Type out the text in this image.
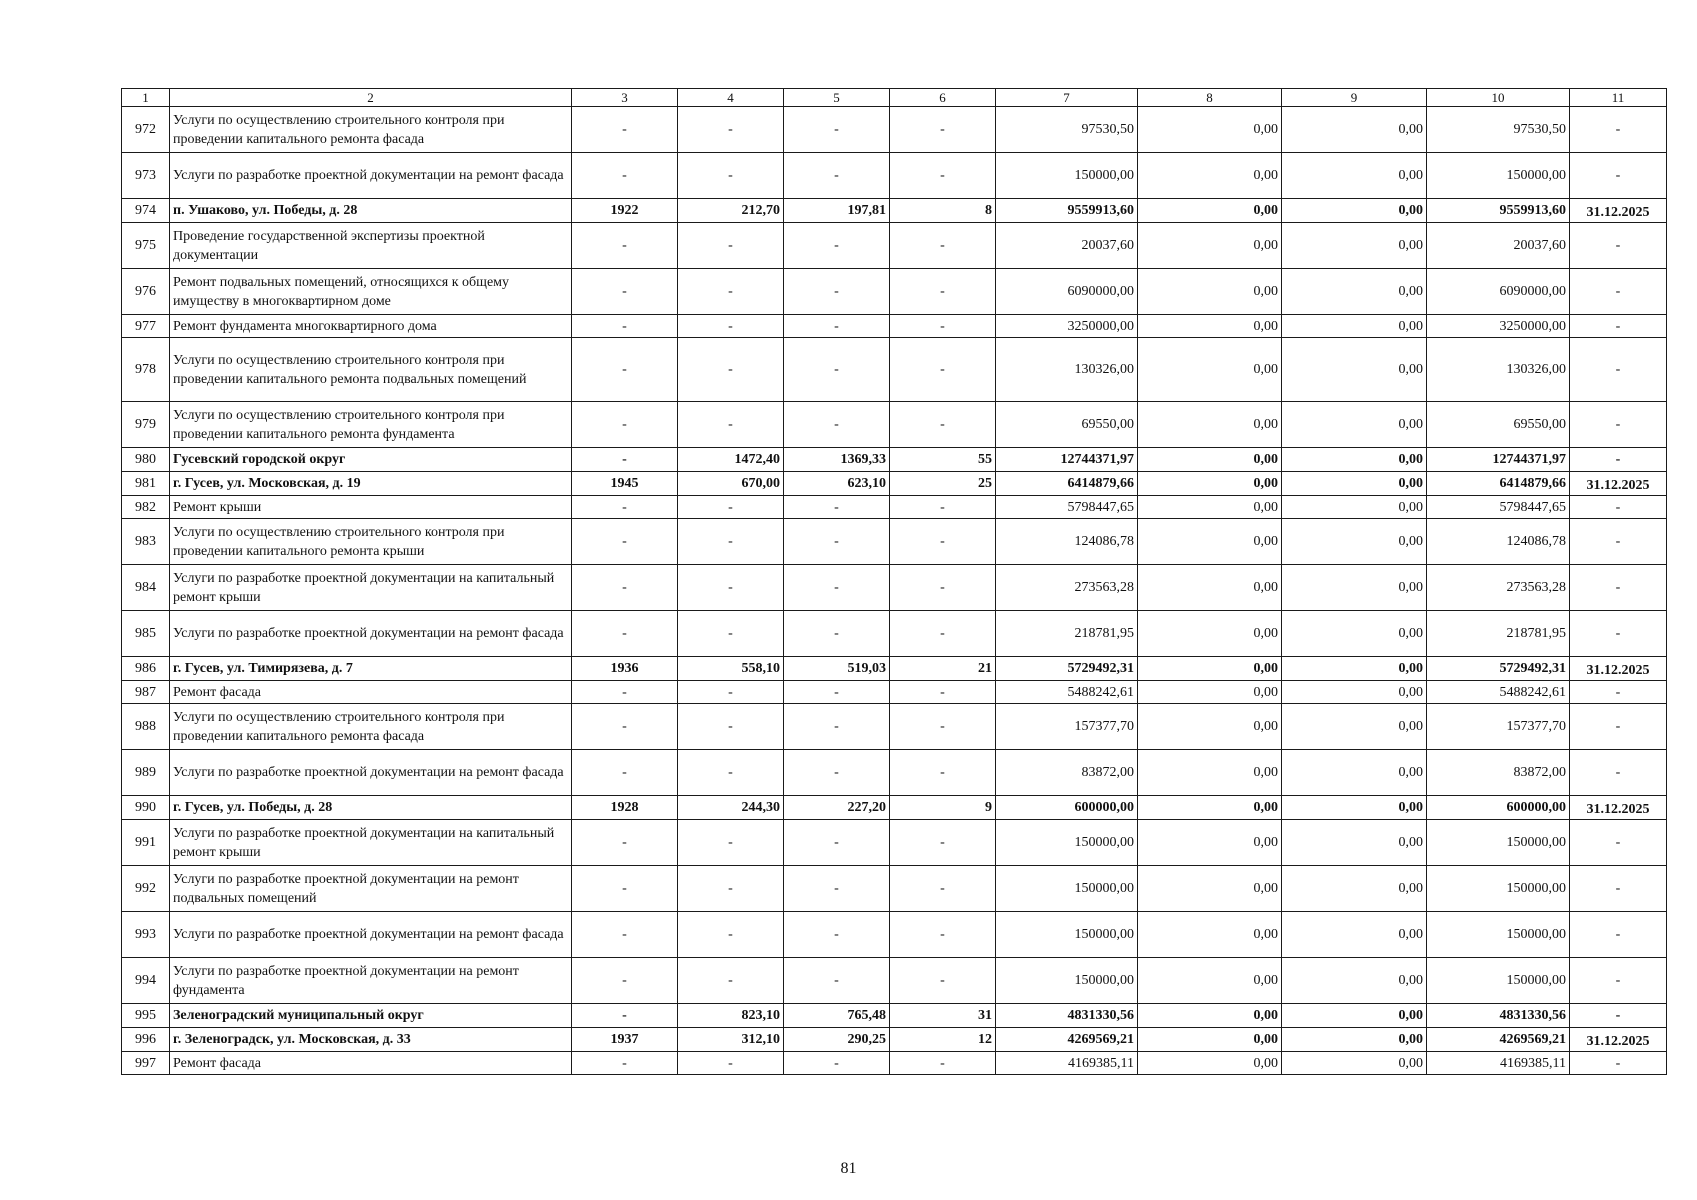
1	2	3	4	5	6	7	8	9	10	11
972	Услуги по осуществлению строительного контроля при проведении капитального ремонта фасада	-	-	-	-	97530,50	0,00	0,00	97530,50	-
973	Услуги по разработке проектной документации на ремонт фасада	-	-	-	-	150000,00	0,00	0,00	150000,00	-
974	п. Ушаково, ул. Победы, д. 28	1922	212,70	197,81	8	9559913,60	0,00	0,00	9559913,60	31.12.2025
975	Проведение государственной экспертизы проектной документации	-	-	-	-	20037,60	0,00	0,00	20037,60	-
976	Ремонт подвальных помещений, относящихся к общему имуществу в многоквартирном доме	-	-	-	-	6090000,00	0,00	0,00	6090000,00	-
977	Ремонт фундамента многоквартирного дома	-	-	-	-	3250000,00	0,00	0,00	3250000,00	-
978	Услуги по осуществлению строительного контроля при проведении капитального ремонта подвальных помещений	-	-	-	-	130326,00	0,00	0,00	130326,00	-
979	Услуги по осуществлению строительного контроля при проведении капитального ремонта фундамента	-	-	-	-	69550,00	0,00	0,00	69550,00	-
980	Гусевский городской округ	-	1472,40	1369,33	55	12744371,97	0,00	0,00	12744371,97	-
981	г. Гусев, ул. Московская, д. 19	1945	670,00	623,10	25	6414879,66	0,00	0,00	6414879,66	31.12.2025
982	Ремонт крыши	-	-	-	-	5798447,65	0,00	0,00	5798447,65	-
983	Услуги по осуществлению строительного контроля при проведении капитального ремонта крыши	-	-	-	-	124086,78	0,00	0,00	124086,78	-
984	Услуги по разработке проектной документации на капитальный ремонт крыши	-	-	-	-	273563,28	0,00	0,00	273563,28	-
985	Услуги по разработке проектной документации на ремонт фасада	-	-	-	-	218781,95	0,00	0,00	218781,95	-
986	г. Гусев, ул. Тимирязева, д. 7	1936	558,10	519,03	21	5729492,31	0,00	0,00	5729492,31	31.12.2025
987	Ремонт фасада	-	-	-	-	5488242,61	0,00	0,00	5488242,61	-
988	Услуги по осуществлению строительного контроля при проведении капитального ремонта фасада	-	-	-	-	157377,70	0,00	0,00	157377,70	-
989	Услуги по разработке проектной документации на ремонт фасада	-	-	-	-	83872,00	0,00	0,00	83872,00	-
990	г. Гусев, ул. Победы, д. 28	1928	244,30	227,20	9	600000,00	0,00	0,00	600000,00	31.12.2025
991	Услуги по разработке проектной документации на капитальный ремонт крыши	-	-	-	-	150000,00	0,00	0,00	150000,00	-
992	Услуги по разработке проектной документации на ремонт подвальных помещений	-	-	-	-	150000,00	0,00	0,00	150000,00	-
993	Услуги по разработке проектной документации на ремонт фасада	-	-	-	-	150000,00	0,00	0,00	150000,00	-
994	Услуги по разработке проектной документации на ремонт фундамента	-	-	-	-	150000,00	0,00	0,00	150000,00	-
995	Зеленоградский муниципальный округ	-	823,10	765,48	31	4831330,56	0,00	0,00	4831330,56	-
996	г. Зеленоградск, ул. Московская, д. 33	1937	312,10	290,25	12	4269569,21	0,00	0,00	4269569,21	31.12.2025
997	Ремонт фасада	-	-	-	-	4169385,11	0,00	0,00	4169385,11	-
81
